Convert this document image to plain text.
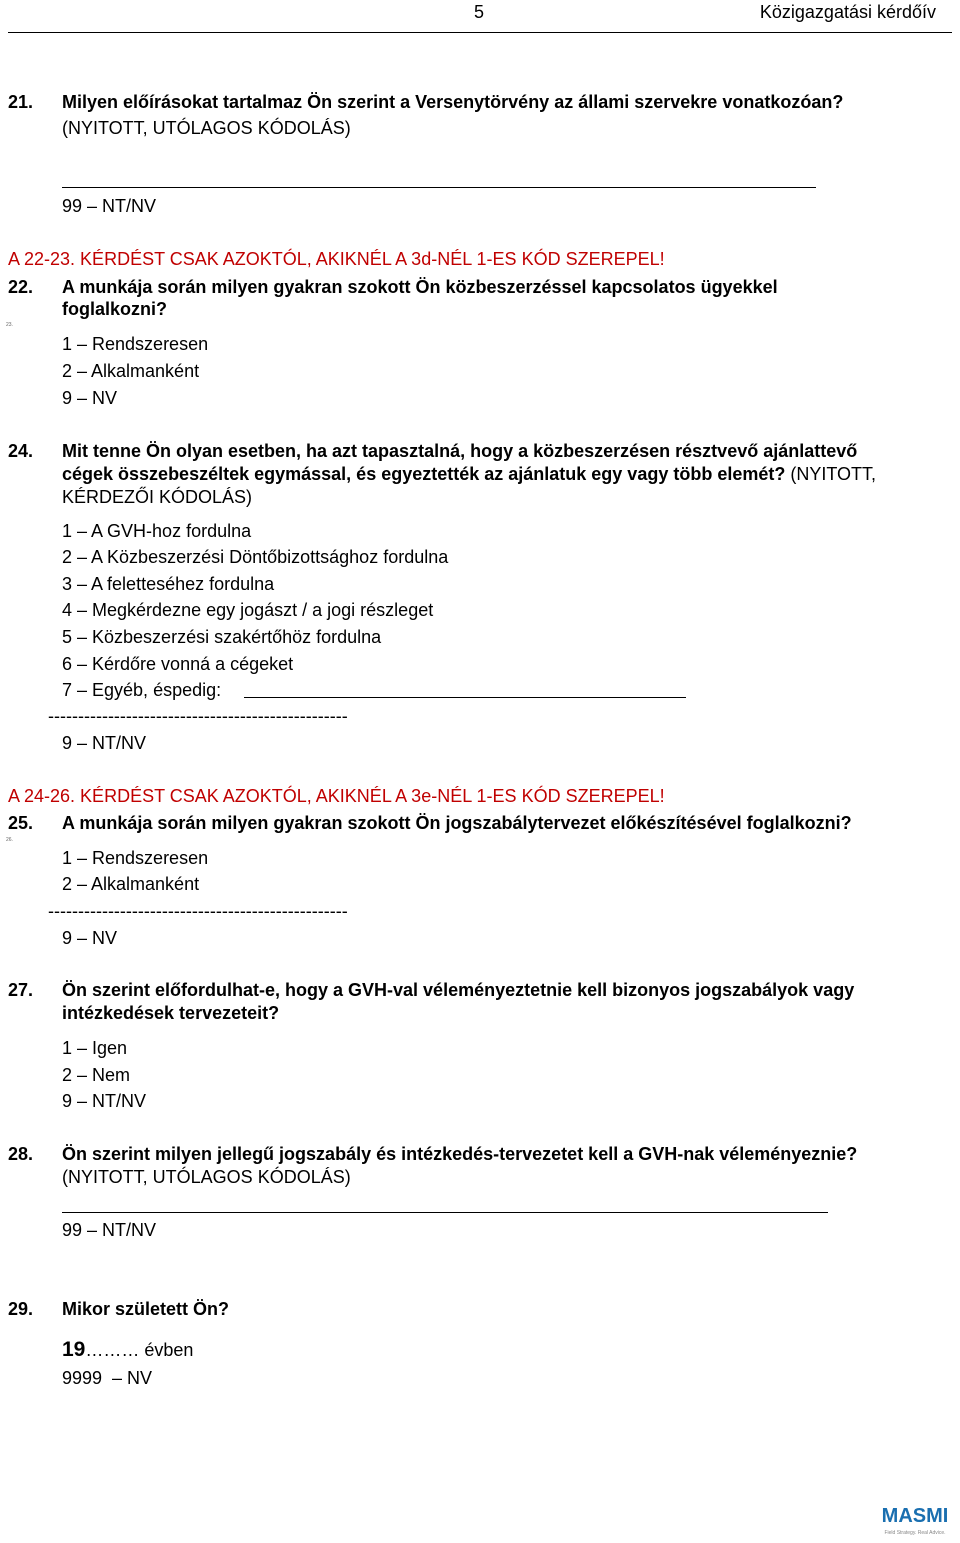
5	Közigazgatási kérdőív
21. Milyen előírásokat tartalmaz Ön szerint a Versenytörvény az állami szervekre vonatkozóan?
(NYITOTT, UTÓLAGOS KÓDOLÁS)
99 – NT/NV
A 22-23. KÉRDÉST CSAK AZOKTÓL, AKIKNÉL A 3d-NÉL 1-ES KÓD SZEREPEL!
22. A munkája során milyen gyakran szokott Ön közbeszerzéssel kapcsolatos ügyekkel
foglalkozni?
23.
1 – Rendszeresen
2 – Alkalmanként
9 – NV
24. Mit tenne Ön olyan esetben, ha azt tapasztalná, hogy a közbeszerzésen résztvevő ajánlattevő
cégek összebeszéltek egymással, és egyeztették az ajánlatuk egy vagy több elemét? (NYITOTT,
KÉRDEZŐI KÓDOLÁS)
1 – A GVH-hoz fordulna
2 – A Közbeszerzési Döntőbizottsághoz fordulna
3 – A feletteséhez fordulna
4 – Megkérdezne egy jogászt / a jogi részleget
5 – Közbeszerzési szakértőhöz fordulna
6 – Kérdőre vonná a cégeket
7 – Egyéb, éspedig:
--------------------------------------------------
9 – NT/NV
A 24-26. KÉRDÉST CSAK AZOKTÓL, AKIKNÉL A 3e-NÉL 1-ES KÓD SZEREPEL!
25. A munkája során milyen gyakran szokott Ön jogszabálytervezet előkészítésével foglalkozni?
26.
1 – Rendszeresen
2 – Alkalmanként
--------------------------------------------------
9 – NV
27. Ön szerint előfordulhat-e, hogy a GVH-val véleményeztetnie kell bizonyos jogszabályok vagy
intézkedések tervezeteit?
1 – Igen
2 – Nem
9 – NT/NV
28. Ön szerint milyen jellegű jogszabály és intézkedés-tervezetet kell a GVH-nak véleményeznie?
(NYITOTT, UTÓLAGOS KÓDOLÁS)
99 – NT/NV
29. Mikor született Ön?
19……… évben
9999  – NV
MASMI
Field Strategy. Real Advice.
